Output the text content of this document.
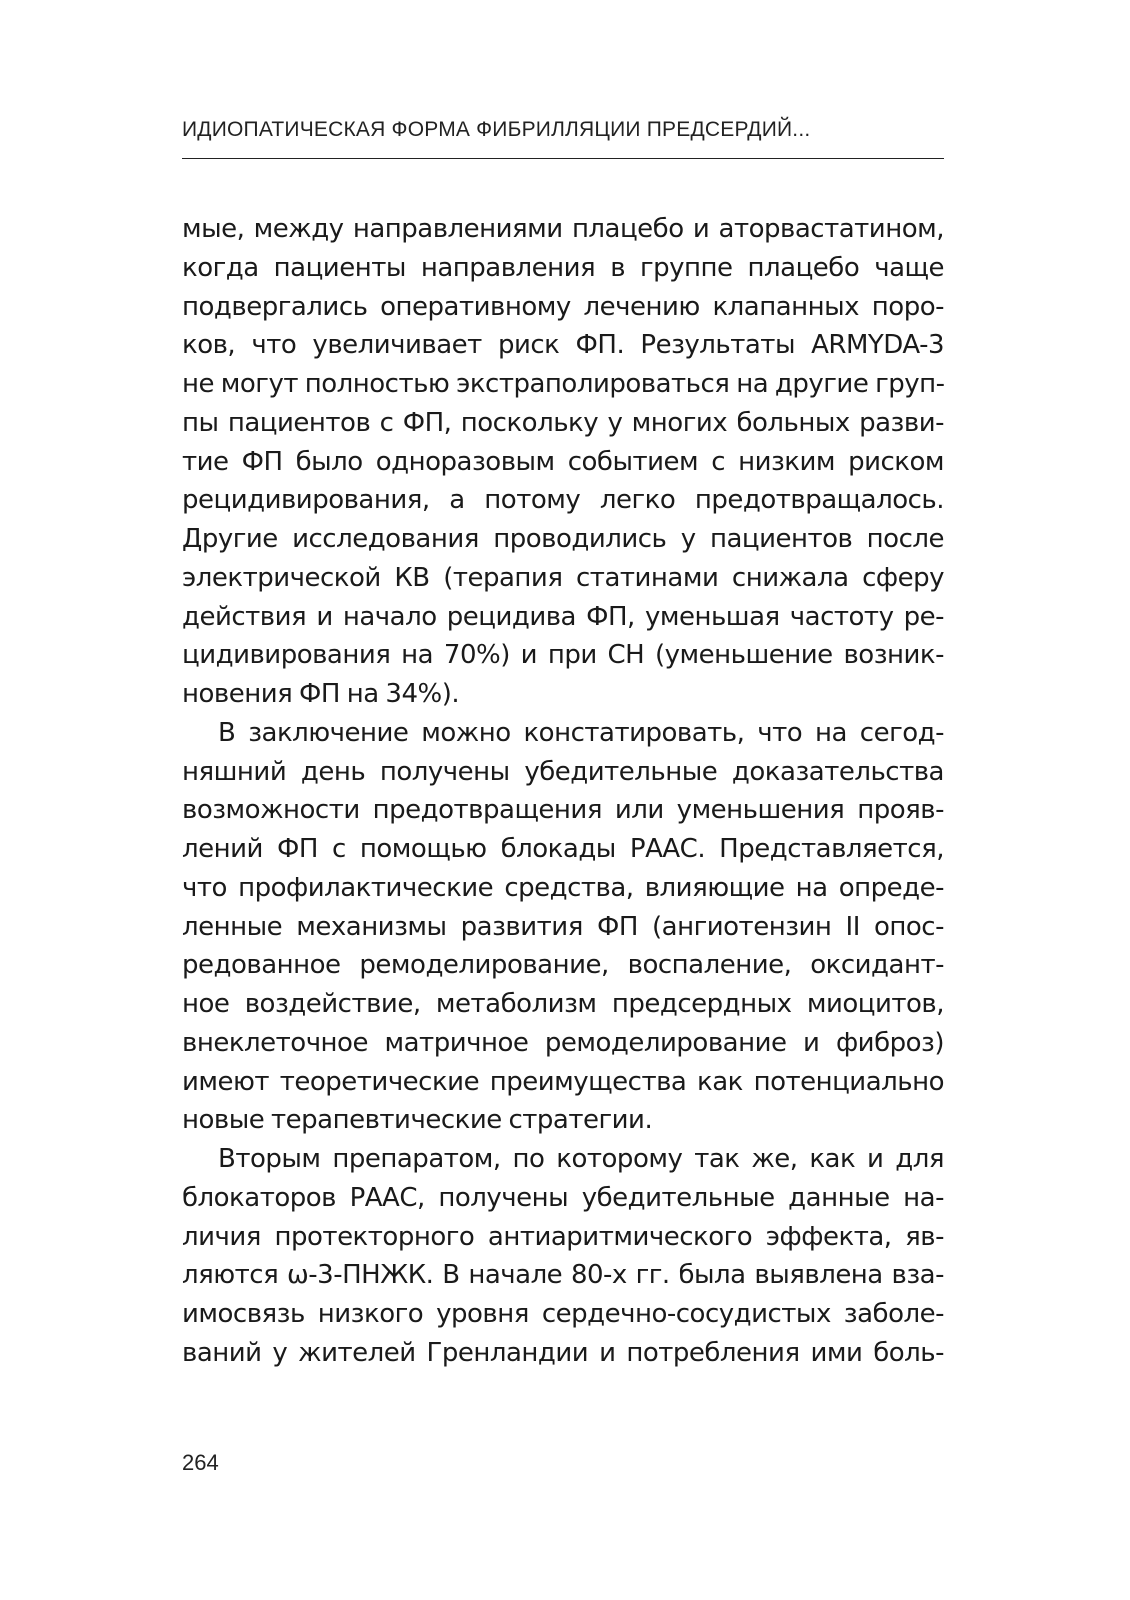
ИДИОПАТИЧЕСКАЯ ФОРМА ФИБРИЛЛЯЦИИ ПРЕДСЕРДИЙ...
мые, между направлениями плацебо и аторвастатином,
когда пациенты направления в группе плацебо чаще
подвергались оперативному лечению клапанных поро-
ков, что увеличивает риск ФП. Результаты ARMYDA-3
не могут полностью экстраполироваться на другие груп-
пы пациентов с ФП, поскольку у многих больных разви-
тие ФП было одноразовым событием с низким риском
рецидивирования, а потому легко предотвращалось.
Другие исследования проводились у пациентов после
электрической КВ (терапия статинами снижала сферу
действия и начало рецидива ФП, уменьшая частоту ре-
цидивирования на 70%) и при СН (уменьшение возник-
новения ФП на 34%).
В заключение можно констатировать, что на сегод-
няшний день получены убедительные доказательства
возможности предотвращения или уменьшения прояв-
лений ФП с помощью блокады РААС. Представляется,
что профилактические средства, влияющие на опреде-
ленные механизмы развития ФП (ангиотензин II опос-
редованное ремоделирование, воспаление, оксидант-
ное воздействие, метаболизм предсердных миоцитов,
внеклеточное матричное ремоделирование и фиброз)
имеют теоретические преимущества как потенциально
новые терапевтические стратегии.
Вторым препаратом, по которому так же, как и для
блокаторов РААС, получены убедительные данные на-
личия протекторного антиаритмического эффекта, яв-
ляются ω-3-ПНЖК. В начале 80-х гг. была выявлена вза-
имосвязь низкого уровня сердечно-сосудистых заболе-
ваний у жителей Гренландии и потребления ими боль-
264
